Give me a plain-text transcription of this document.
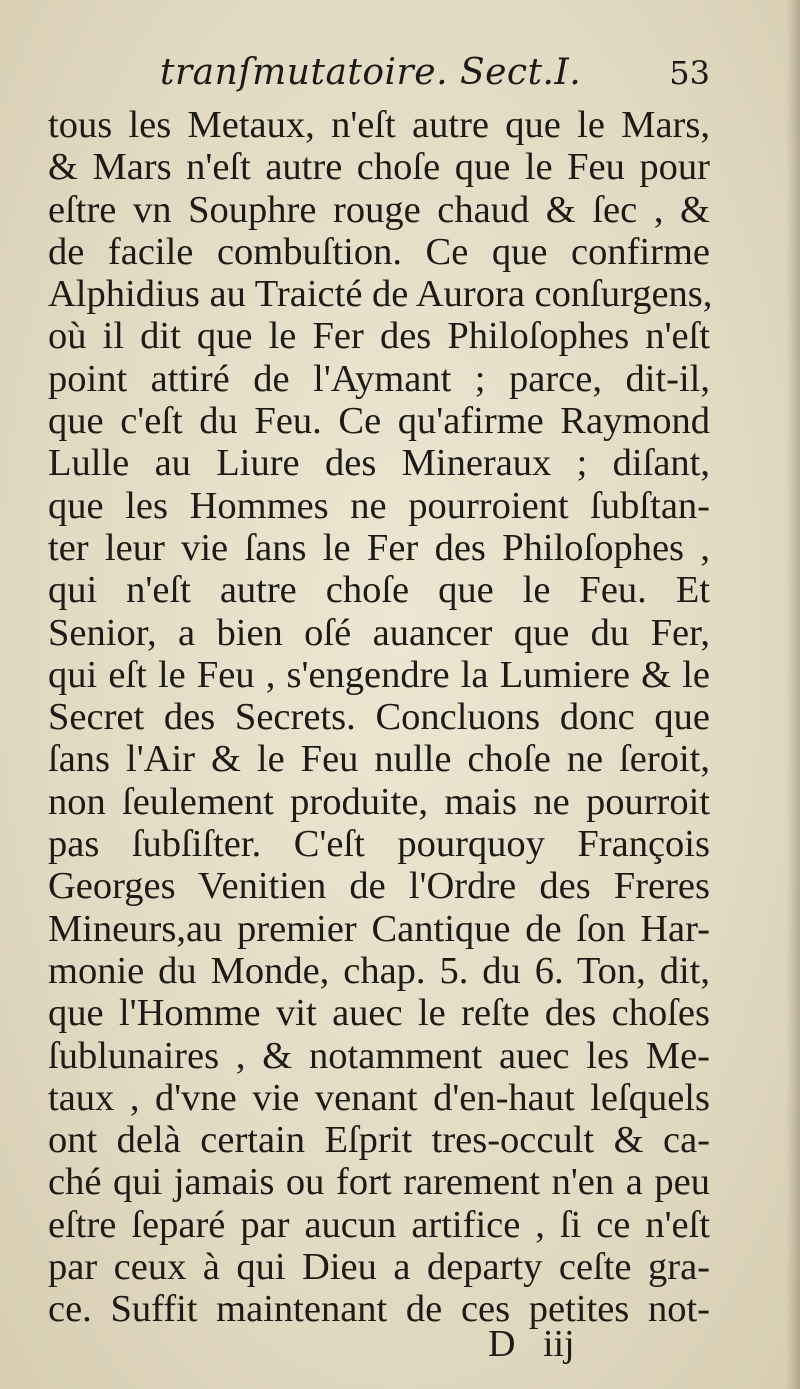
tranſmutatoire. Sect.I.	53
tous les Metaux, n'eſt autre que le Mars,
& Mars n'eſt autre choſe que le Feu pour
eſtre vn Souphre rouge chaud & ſec , &
de facile combuſtion. Ce que confirme
Alphidius au Traicté de Aurora conſurgens,
où il dit que le Fer des Philoſophes n'eſt
point attiré de l'Aymant ; parce, dit-il,
que c'eſt du Feu. Ce qu'afirme Raymond
Lulle au Liure des Mineraux ; diſant,
que les Hommes ne pourroient ſubſtan-
ter leur vie ſans le Fer des Philoſophes ,
qui n'eſt autre choſe que le Feu. Et
Senior, a bien oſé auancer que du Fer,
qui eſt le Feu , s'engendre la Lumiere & le
Secret des Secrets. Concluons donc que
ſans l'Air & le Feu nulle choſe ne ſeroit,
non ſeulement produite, mais ne pourroit
pas ſubſiſter. C'eſt pourquoy François
Georges Venitien de l'Ordre des Freres
Mineurs,au premier Cantique de ſon Har-
monie du Monde, chap. 5. du 6. Ton, dit,
que l'Homme vit auec le reſte des choſes
ſublunaires , & notamment auec les Me-
taux , d'vne vie venant d'en-haut leſquels
ont delà certain Eſprit tres-occult & ca-
ché qui jamais ou fort rarement n'en a peu
eſtre ſeparé par aucun artifice , ſi ce n'eſt
par ceux à qui Dieu a departy ceſte gra-
ce. Suffit maintenant de ces petites not-
D iij
